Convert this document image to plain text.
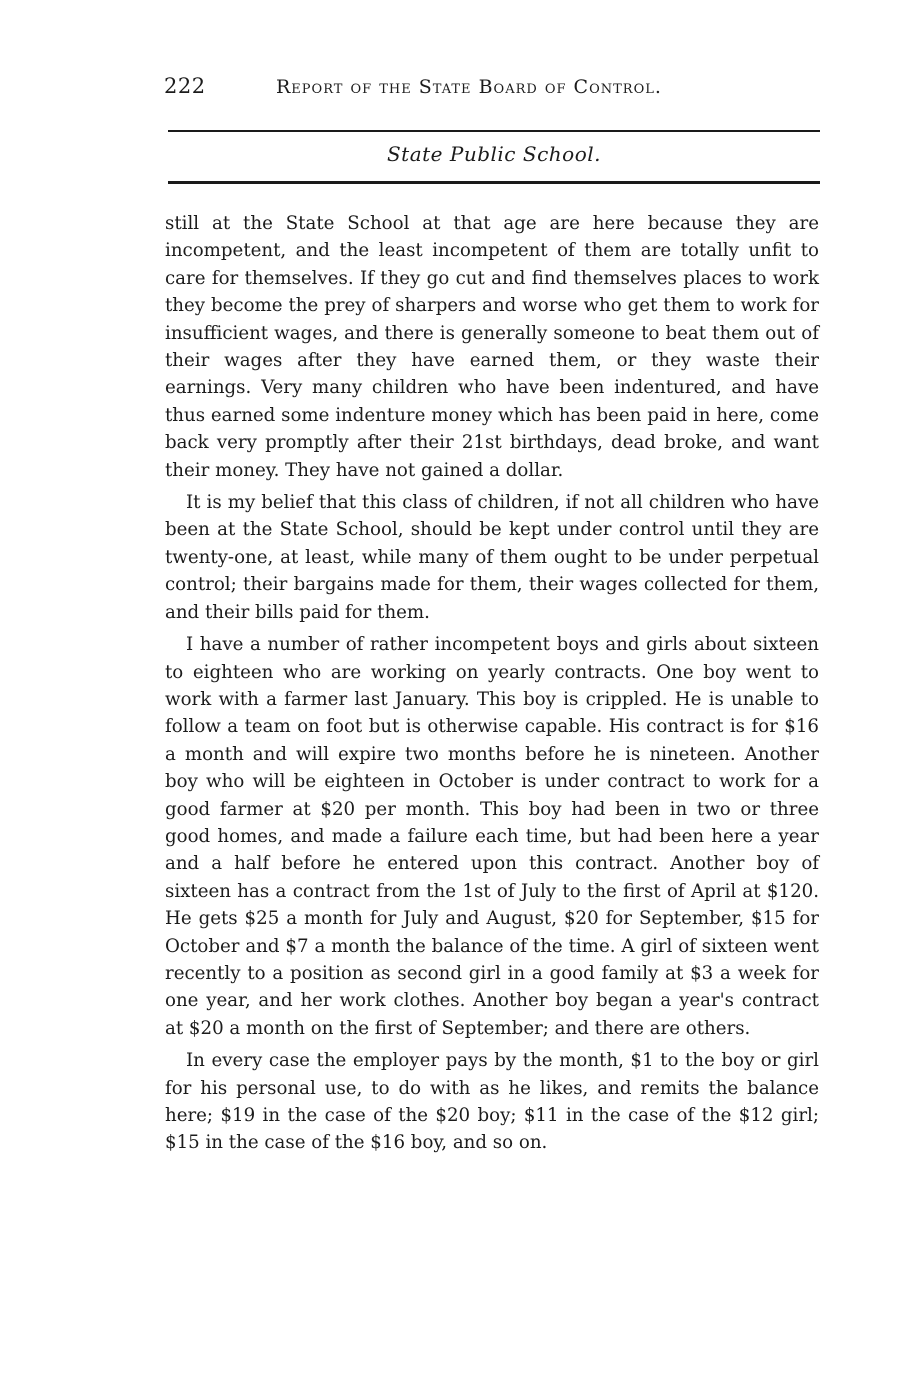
222	Report of the State Board of Control.
State Public School.

still at the State School at that age are here because they are incompetent, and the least incompetent of them are totally unfit to care for themselves. If they go cut and find themselves places to work they become the prey of sharpers and worse who get them to work for insufficient wages, and there is generally someone to beat them out of their wages after they have earned them, or they waste their earnings. Very many children who have been indentured, and have thus earned some indenture money which has been paid in here, come back very promptly after their 21st birthdays, dead broke, and want their money. They have not gained a dollar.

It is my belief that this class of children, if not all children who have been at the State School, should be kept under control until they are twenty-one, at least, while many of them ought to be under perpetual control; their bargains made for them, their wages collected for them, and their bills paid for them.

I have a number of rather incompetent boys and girls about sixteen to eighteen who are working on yearly contracts. One boy went to work with a farmer last January. This boy is crippled. He is unable to follow a team on foot but is otherwise capable. His contract is for $16 a month and will expire two months before he is nineteen. Another boy who will be eighteen in October is under contract to work for a good farmer at $20 per month. This boy had been in two or three good homes, and made a failure each time, but had been here a year and a half before he entered upon this contract. Another boy of sixteen has a contract from the 1st of July to the first of April at $120. He gets $25 a month for July and August, $20 for September, $15 for October and $7 a month the balance of the time. A girl of sixteen went recently to a position as second girl in a good family at $3 a week for one year, and her work clothes. Another boy began a year's contract at $20 a month on the first of September; and there are others.

In every case the employer pays by the month, $1 to the boy or girl for his personal use, to do with as he likes, and remits the balance here; $19 in the case of the $20 boy; $11 in the case of the $12 girl; $15 in the case of the $16 boy, and so on.
